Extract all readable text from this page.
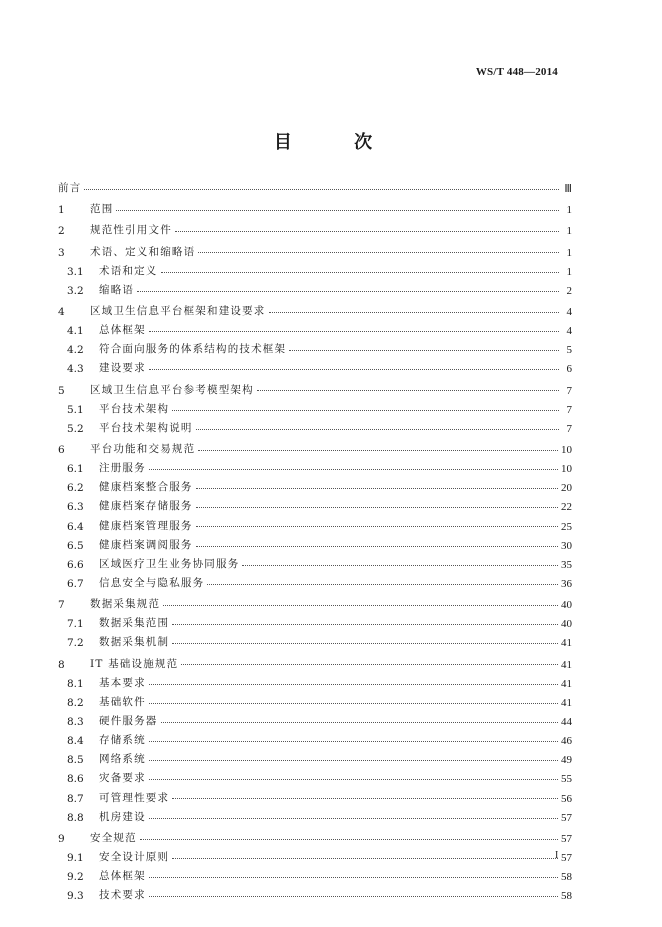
WS/T 448—2014
目 次
前言	Ⅲ
1	范围	1
2	规范性引用文件	1
3	术语、定义和缩略语	1
3.1	术语和定义	1
3.2	缩略语	2
4	区域卫生信息平台框架和建设要求	4
4.1	总体框架	4
4.2	符合面向服务的体系结构的技术框架	5
4.3	建设要求	6
5	区域卫生信息平台参考模型架构	7
5.1	平台技术架构	7
5.2	平台技术架构说明	7
6	平台功能和交易规范	10
6.1	注册服务	10
6.2	健康档案整合服务	20
6.3	健康档案存储服务	22
6.4	健康档案管理服务	25
6.5	健康档案调阅服务	30
6.6	区域医疗卫生业务协同服务	35
6.7	信息安全与隐私服务	36
7	数据采集规范	40
7.1	数据采集范围	40
7.2	数据采集机制	41
8	IT 基础设施规范	41
8.1	基本要求	41
8.2	基础软件	41
8.3	硬件服务器	44
8.4	存储系统	46
8.5	网络系统	49
8.6	灾备要求	55
8.7	可管理性要求	56
8.8	机房建设	57
9	安全规范	57
9.1	安全设计原则	57
9.2	总体框架	58
9.3	技术要求	58
I
